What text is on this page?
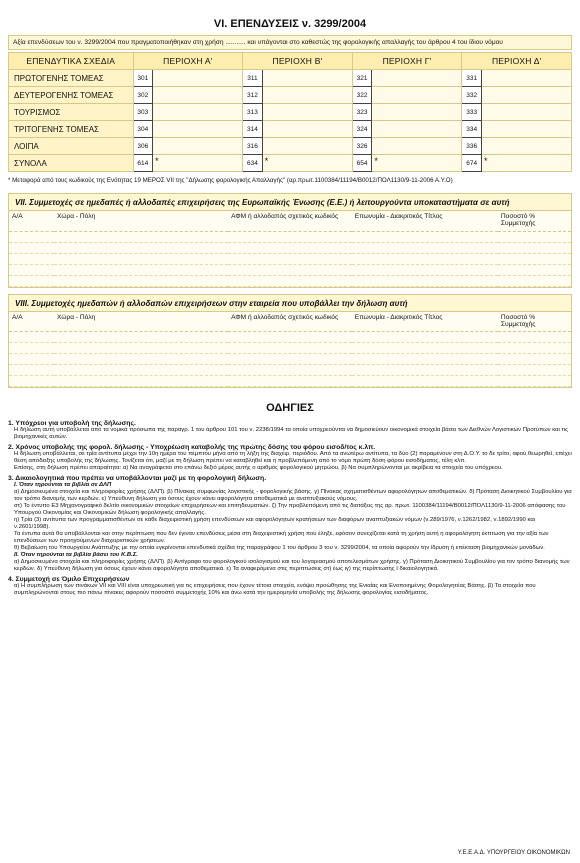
VI. ΕΠΕΝΔΥΣΕΙΣ ν. 3299/2004
Αξία επενδύσεων του ν. 3299/2004 που πραγματοποιήθηκαν στη χρήση ........... και υπάγονται στο καθεστώς της φορολογικής απαλλαγής του άρθρου 4 του ίδιου νόμου
ΕΠΕΝΔΥΤΙΚΑ ΣΧΕΔΙΑ	ΠΕΡΙΟΧΗ Α'		ΠΕΡΙΟΧΗ Β'		ΠΕΡΙΟΧΗ Γ'		ΠΕΡΙΟΧΗ Δ'	
ΠΡΩΤΟΓΕΝΗΣ ΤΟΜΕΑΣ	301		311		321		331	
ΔΕΥΤΕΡΟΓΕΝΗΣ ΤΟΜΕΑΣ	302		312		322		332	
ΤΟΥΡΙΣΜΟΣ	303		313		323		333	
ΤΡΙΤΟΓΕΝΗΣ ΤΟΜΕΑΣ	304		314		324		334	
ΛΟΙΠΑ	306		316		326		336	
ΣΥΝΟΛΑ	614	*	634	*	654	*	674	*
* Μεταφορά από τους κωδικούς της Ενότητας 19 ΜΕΡΟΣ VII της "Δήλωσης φορολογικής Απαλλαγής" (αρ.πρωτ.1100384/11194/Β0012/ΠΟΛ1130/9-11-2006 Α.Υ.Ο)
VII. Συμμετοχές σε ημεδαπές ή αλλοδαπές επιχειρήσεις της Ευρωπαϊκής Ένωσης (Ε.Ε.) ή λειτουργούντα υποκαταστήματα σε αυτή
Α/Α	Χώρα - Πόλη	ΑΦΜ ή αλλοδαπός σχετικός κωδικός	Επωνυμία - Διακριτικός Τίτλος	Ποσοστό % Συμμετοχής

VIII. Συμμετοχές ημεδαπών ή αλλοδαπών επιχειρήσεων στην εταιρεία που υποβάλλει την δήλωση αυτή
Α/Α	Χώρα - Πόλη	ΑΦΜ ή αλλοδαπός σχετικός κωδικός	Επωνυμία - Διακριτικός Τίτλος	Ποσοστό % Συμμετοχής

ΟΔΗΓΙΕΣ
1. Υπόχρεοι για υποβολή της δήλωσης.

Η δήλωση αυτή υποβάλλεται από τα νομικά πρόσωπα της παραγρ. 1 του άρθρου 101 του ν. 2238/1994 τα οποία υποχρεούνται να δημοσιεύουν οικονομικά στοιχεία βάσει των Διεθνών Λογιστικών Προτύπων και τις βιομηχανικές αυτών.

2. Χρόνος υποβολής της φορολ. δήλωσης - Υποχρέωση καταβολής της πρώτης δόσης του φόρου εισοδ/τος κ.λπ.

Η δήλωση υποβάλλεται, σε τρία αντίτυπα μέχρι την 10η ημέρα του πέμπτου μήνα από τη λήξη της διαχειρ. περιόδου. Από τα ανωτέρω αντίτυπα, τα δύο (2) παραμένουν στη Δ.Ο.Υ. το δε τρίτο, αφού θεωρηθεί, επέχει θέση απόδειξης υποβολής της δήλωσης. Τονίζεται ότι, μαζί με τη δήλωση πρέπει να καταβληθεί και η προβλεπόμενη από το νόμο πρώτη δόση φόρου εισοδήματος, τέλη κλπ.

Επίσης, στη δήλωση πρέπει απαραίτητα: α) Να αναγράφεται στο επάνω δεξιό μέρος αυτής ο αριθμός φορολογικού μητρώου, β) Να συμπληρώνονται με ακρίβεια τα στοιχεία του υπόχρεου.

3. Δικαιολογητικά που πρέπει να υποβάλλονται μαζί με τη φορολογική δήλωση.
Ι. Όταν τηρούνται τα βιβλία σε ΔΛΠ

α) Δημοσιευμένα στοιχεία και πληροφορίες χρήσης (ΔΛΠ). β) Πίνακας συμφωνίας λογιστικής - φορολογικής βάσης. γ) Πίνακας σχηματισθέντων αφορολόγητων αποθεματικών. δ) Πρόταση Διοικητικού Συμβουλίου για τον τρόπο διανομής των κερδών. ε) Υπεύθυνη δήλωση για όσους έχουν κάνει αφορολόγητα αποθεματικά με αναπτυξιακούς νόμους.

στ) Το έντυπο Ε3 Μηχανογραφικό δελτίο οικονομικών στοιχείων επιχειρήσεων και επιτηδευματιών. ζ) Την προβλεπόμενη από τις διατάξεις της αρ. πρωτ. 1100384/11194/Β0012/ΠΟΛ1130/9-11-2006 απόφασης του Υπουργού Οικονομίας και Οικονομικών δήλωση φορολογικής απαλλαγής.

η) Τρία (3) αντίτυπα των προγραμματισθέντων σε κάθε διαχειριστική χρήση επενδύσεων και αφορολόγητων κρατήσεων των διαφόρων αναπτυξιακών νόμων (ν.289/1976, ν.1262/1982, ν.1892/1990 και ν.2601/1998).

Τα έντυπα αυτά θα υποβάλλονται και στην περίπτωση που δεν έγιναν επενδύσεις μέσα στη διαχειριστική χρήση που έληξε, εφόσον συνεχίζεται κατά τη χρήση αυτή η αφορολόγητη έκπτωση για την αξία των επενδύσεων των προηγούμενων διαχειριστικών χρήσεων.

θ) Βεβαίωση του Υπουργείου Ανάπτυξης με την οποία εγκρίνονται επενδυτικά σχέδια της παραγράφου 1 του άρθρου 3 του ν. 3299/2004, τα οποία αφορούν την ίδρυση ή επέκταση βιομηχανικών μονάδων.

ΙΙ. Όταν τηρούνται τα βιβλία βάσει του Κ.Β.Σ.

α) Δημοσιευμένα στοιχεία και πληροφορίες χρήσης (ΔΛΠ). β) Αντίγραφο του φορολογικού ισολογισμού και του λογαριασμού αποτελεσμάτων χρήσης. γ) Πρόταση Διοικητικού Συμβουλίου για τον τρόπο διανομής των κερδών. δ) Υπεύθυνη δήλωση για όσους έχουν κάνει αφορολόγητα αποθεματικά. ε) Τα αναφερόμενα στις περιπτώσεις στ) έως ιγ) της περίπτωσης Ι δικαιολογητικά.

4. Συμμετοχή σε Όμιλο Επιχειρήσεων

α) Η συμπλήρωση των πινάκων VII και VIII είναι υποχρεωτική για τις επιχειρήσεις που έχουν τέτοια στοιχεία, ενόψει προώθησης της Ενιαίας και Ενοποιημένης Φορολογητέας Βάσης. β) Τα στοιχεία που συμπληρώνονται στους πιο πάνω πίνακες αφορούν ποσοστό συμμετοχής 10% και άνω κατά την ημερομηνία υποβολής της δήλωσης φορολογίας εισοδήματος.

Υ.Ε.Ε.Α.Δ. ΥΠΟΥΡΓΕΙΟΥ ΟΙΚΟΝΟΜΙΚΩΝ
